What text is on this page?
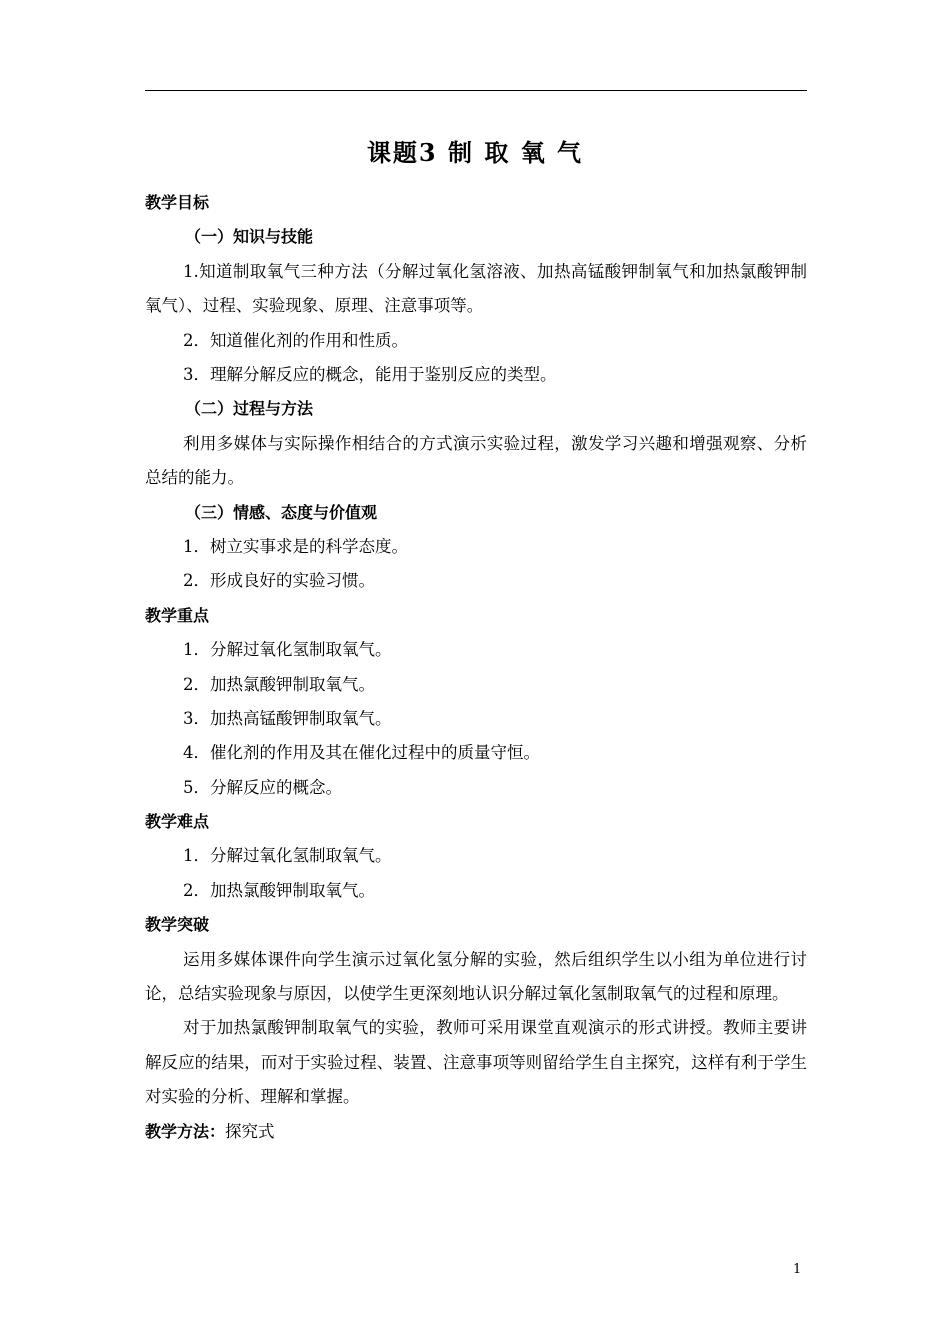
课题3 制 取 氧 气
教学目标
（一）知识与技能
1.知道制取氧气三种方法（分解过氧化氢溶液、加热高锰酸钾制氧气和加热氯酸钾制氧气）、过程、实验现象、原理、注意事项等。
2．知道催化剂的作用和性质。
3．理解分解反应的概念，能用于鉴别反应的类型。
（二）过程与方法
利用多媒体与实际操作相结合的方式演示实验过程，激发学习兴趣和增强观察、分析总结的能力。
（三）情感、态度与价值观
1．树立实事求是的科学态度。
2．形成良好的实验习惯。
教学重点
1．分解过氧化氢制取氧气。
2．加热氯酸钾制取氧气。
3．加热高锰酸钾制取氧气。
4．催化剂的作用及其在催化过程中的质量守恒。
5．分解反应的概念。
教学难点
1．分解过氧化氢制取氧气。
2．加热氯酸钾制取氧气。
教学突破
运用多媒体课件向学生演示过氧化氢分解的实验，然后组织学生以小组为单位进行讨论，总结实验现象与原因，以使学生更深刻地认识分解过氧化氢制取氧气的过程和原理。
对于加热氯酸钾制取氧气的实验，教师可采用课堂直观演示的形式讲授。教师主要讲解反应的结果，而对于实验过程、装置、注意事项等则留给学生自主探究，这样有利于学生对实验的分析、理解和掌握。
教学方法：探究式
1
